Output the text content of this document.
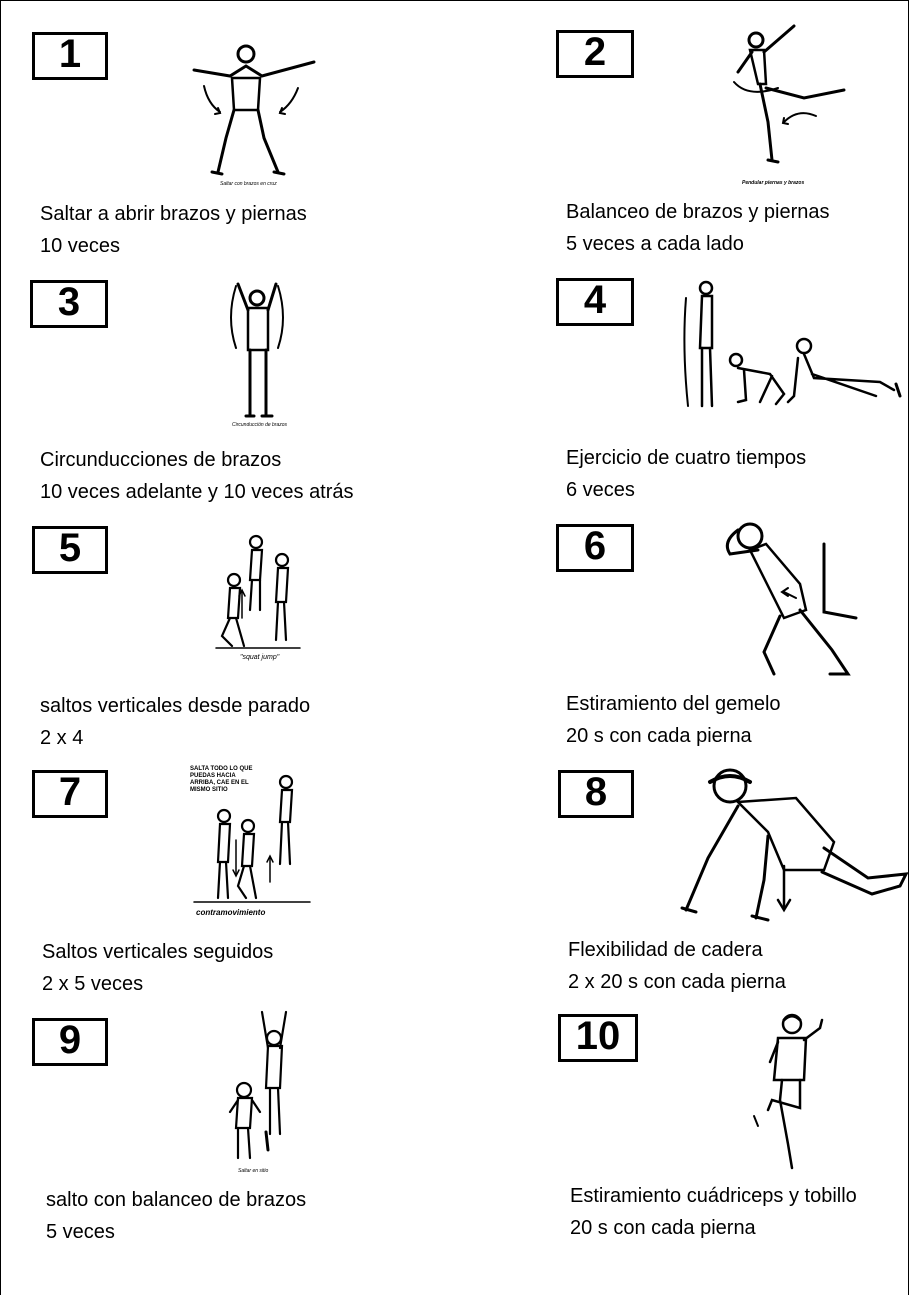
1
Saltar con brazos en cruz
Saltar a abrir brazos y piernas
10 veces
2
Pendular piernas y brazos
Balanceo de brazos y piernas
5 veces a cada lado
3
Circunducción de brazos
Circunducciones de brazos
10 veces adelante y 10 veces atrás
4
Ejercicio de cuatro tiempos
6 veces
5
"squat jump"
saltos verticales desde parado
2 x 4
6
Estiramiento del gemelo
20 s con cada pierna
7
SALTA TODO LO QUE PUEDAS HACIA ARRIBA, CAE EN EL MISMO SITIO
contramovimiento
Saltos verticales seguidos
2 x 5 veces
8
Flexibilidad de cadera
2 x 20 s con cada pierna
9
Saltar en sitio
salto con balanceo de brazos
5 veces
10
Estiramiento cuádriceps y tobillo
20 s con cada pierna
